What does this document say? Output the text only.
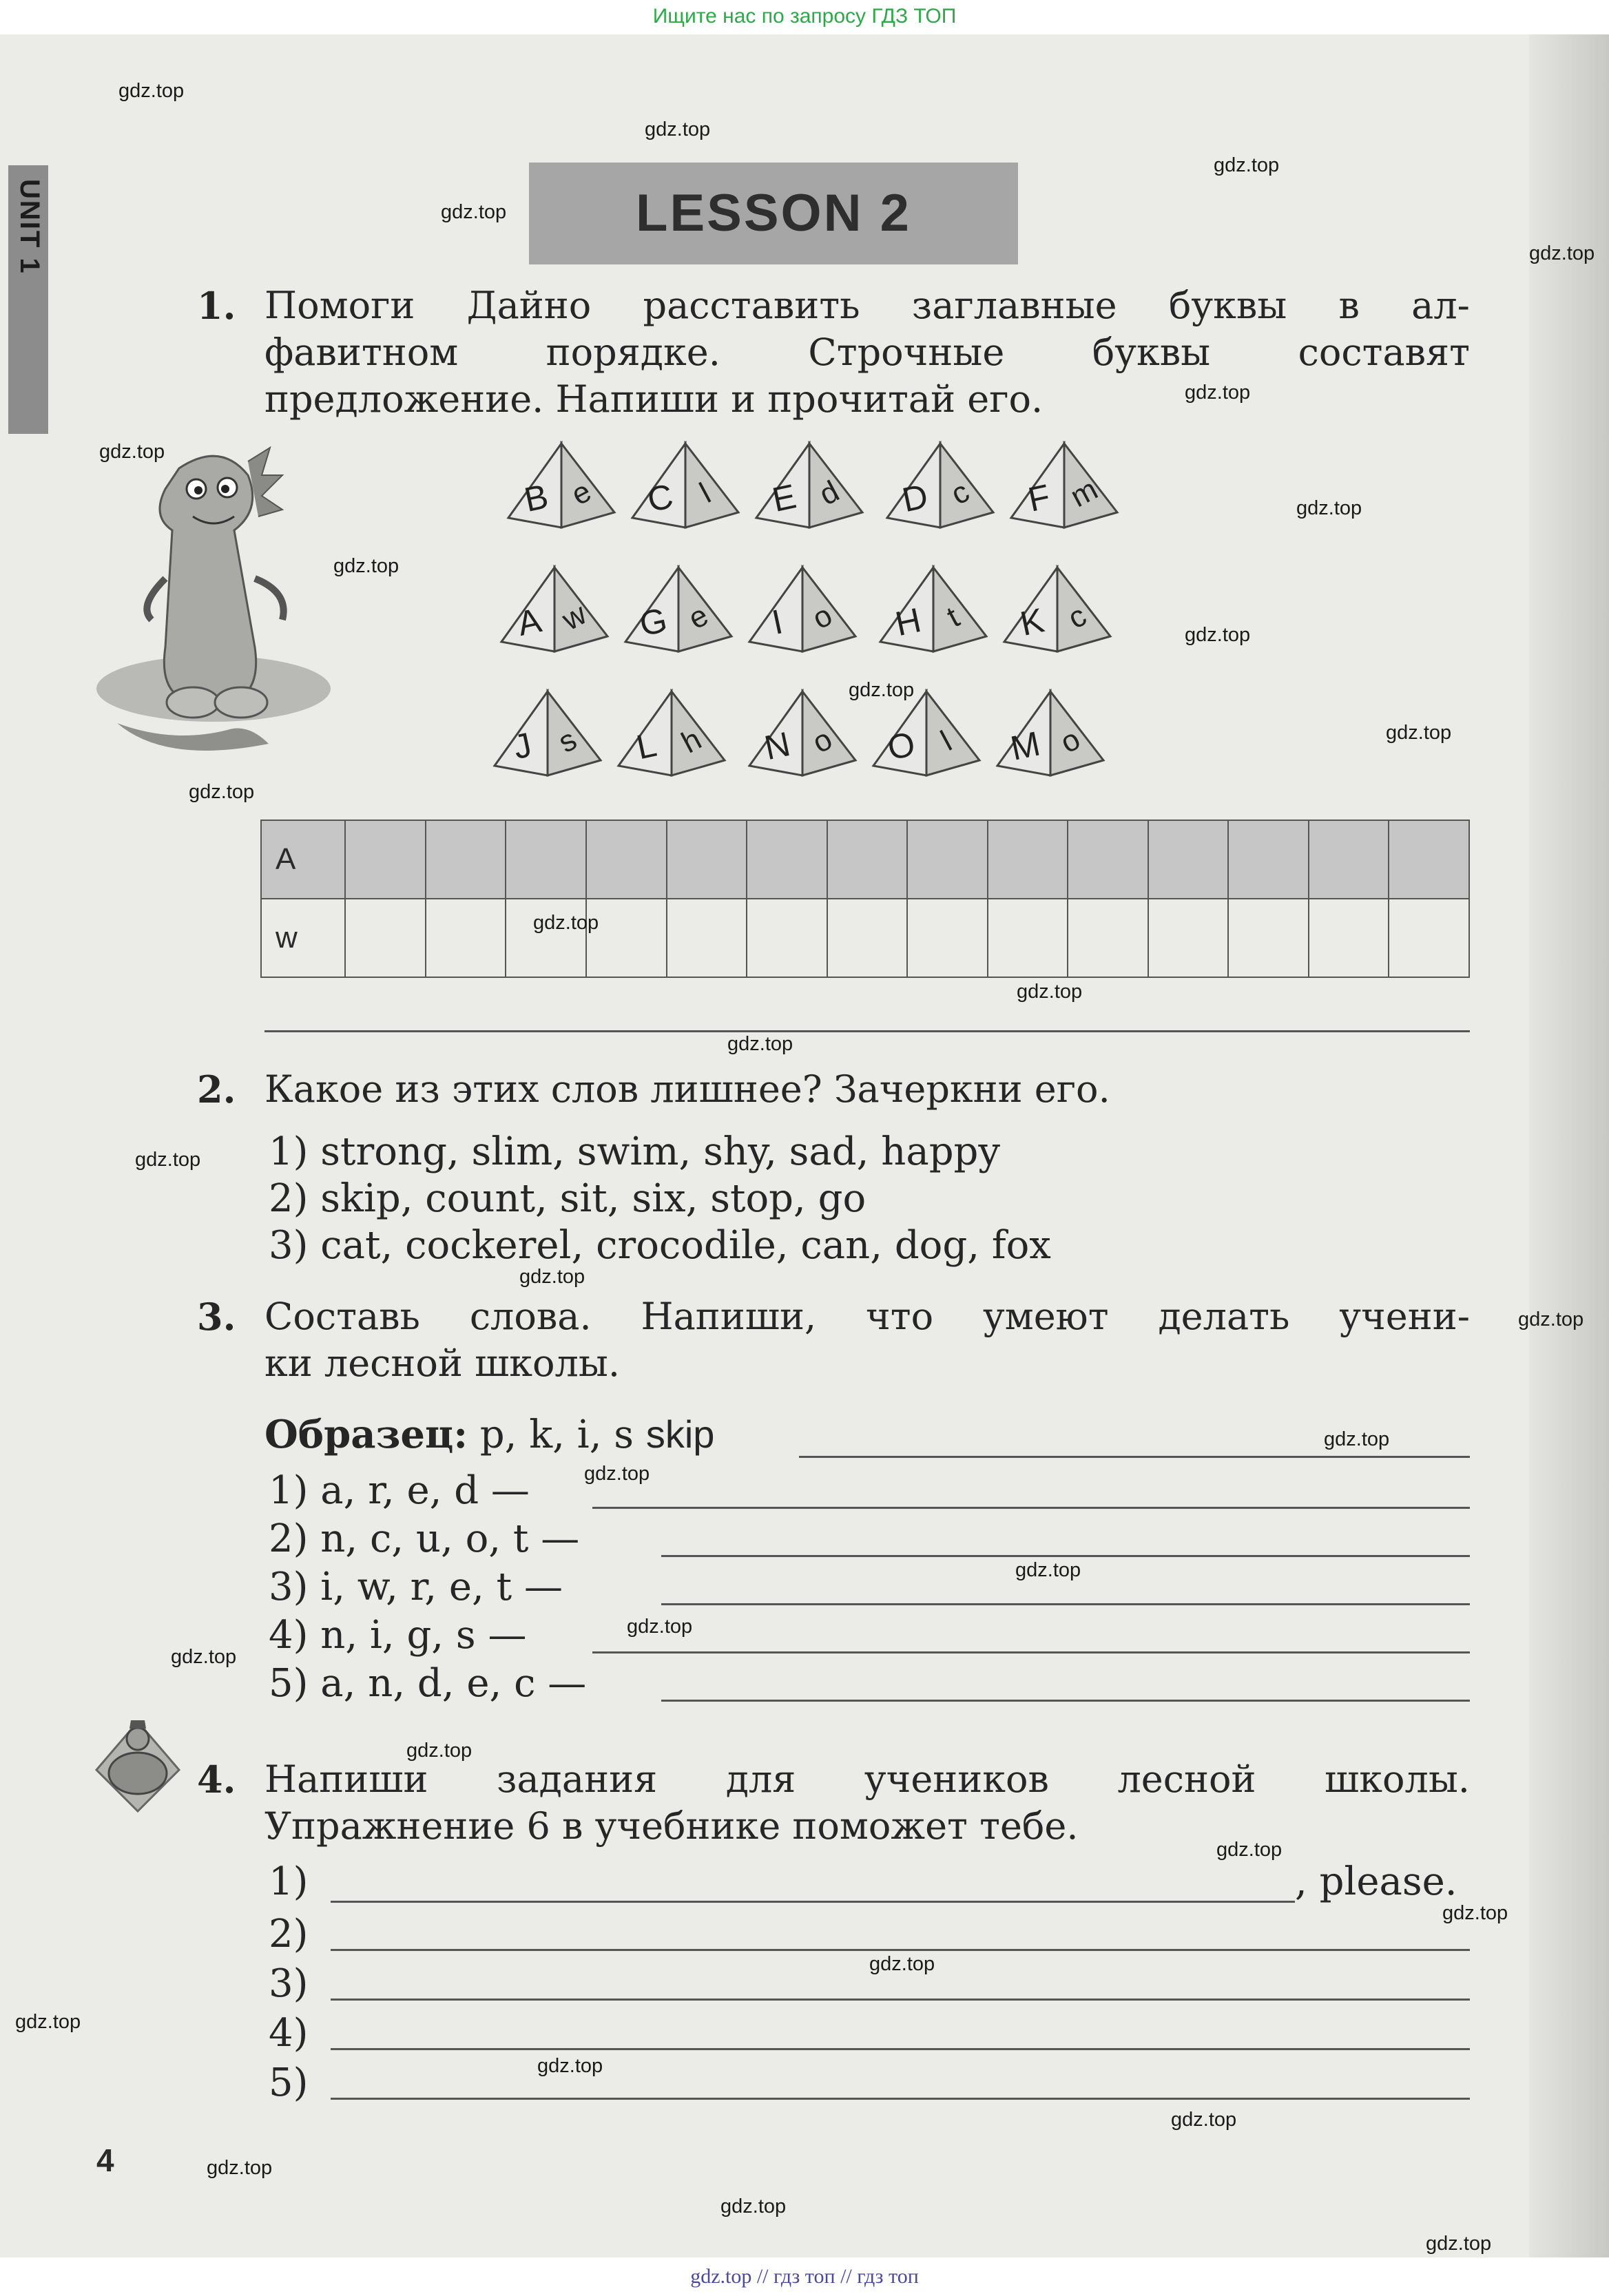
Ищите нас по запросу ГДЗ ТОП
UNIT 1	LESSON 2
1. Помоги Дайно расставить заглавные буквы в ал-
фавитном порядке. Строчные буквы составят
предложение. Напиши и прочитай его.
B e C l E d D c F m
A w G e I o H t K c
J s L h N o O l M o
A														
w														
2. Какое из этих слов лишнее? Зачеркни его.
1) strong, slim, swim, shy, sad, happy
2) skip, count, sit, six, stop, go
3) cat, cockerel, crocodile, can, dog, fox
3. Составь слова. Напиши, что умеют делать учени-
ки лесной школы.
Образец: p, k, i, s skip
1) a, r, e, d —
2) n, c, u, o, t —
3) i, w, r, e, t —
4) n, i, g, s —
5) a, n, d, e, c —
4. Напиши задания для учеников лесной школы.
Упражнение 6 в учебнике поможет тебе.
1)	, please.
2)
3)
4)
5)
4
gdz.top
gdz.top
gdz.top
gdz.top
gdz.top
gdz.top
gdz.top
gdz.top
gdz.top
gdz.top
gdz.top
gdz.top
gdz.top
gdz.top
gdz.top
gdz.top
gdz.top
gdz.top
gdz.top
gdz.top
gdz.top
gdz.top
gdz.top
gdz.top
gdz.top
gdz.top
gdz.top
gdz.top
gdz.top
gdz.top
gdz.top
gdz.top
gdz.top
gdz.top
gdz.top // гдз топ // гдз топ
